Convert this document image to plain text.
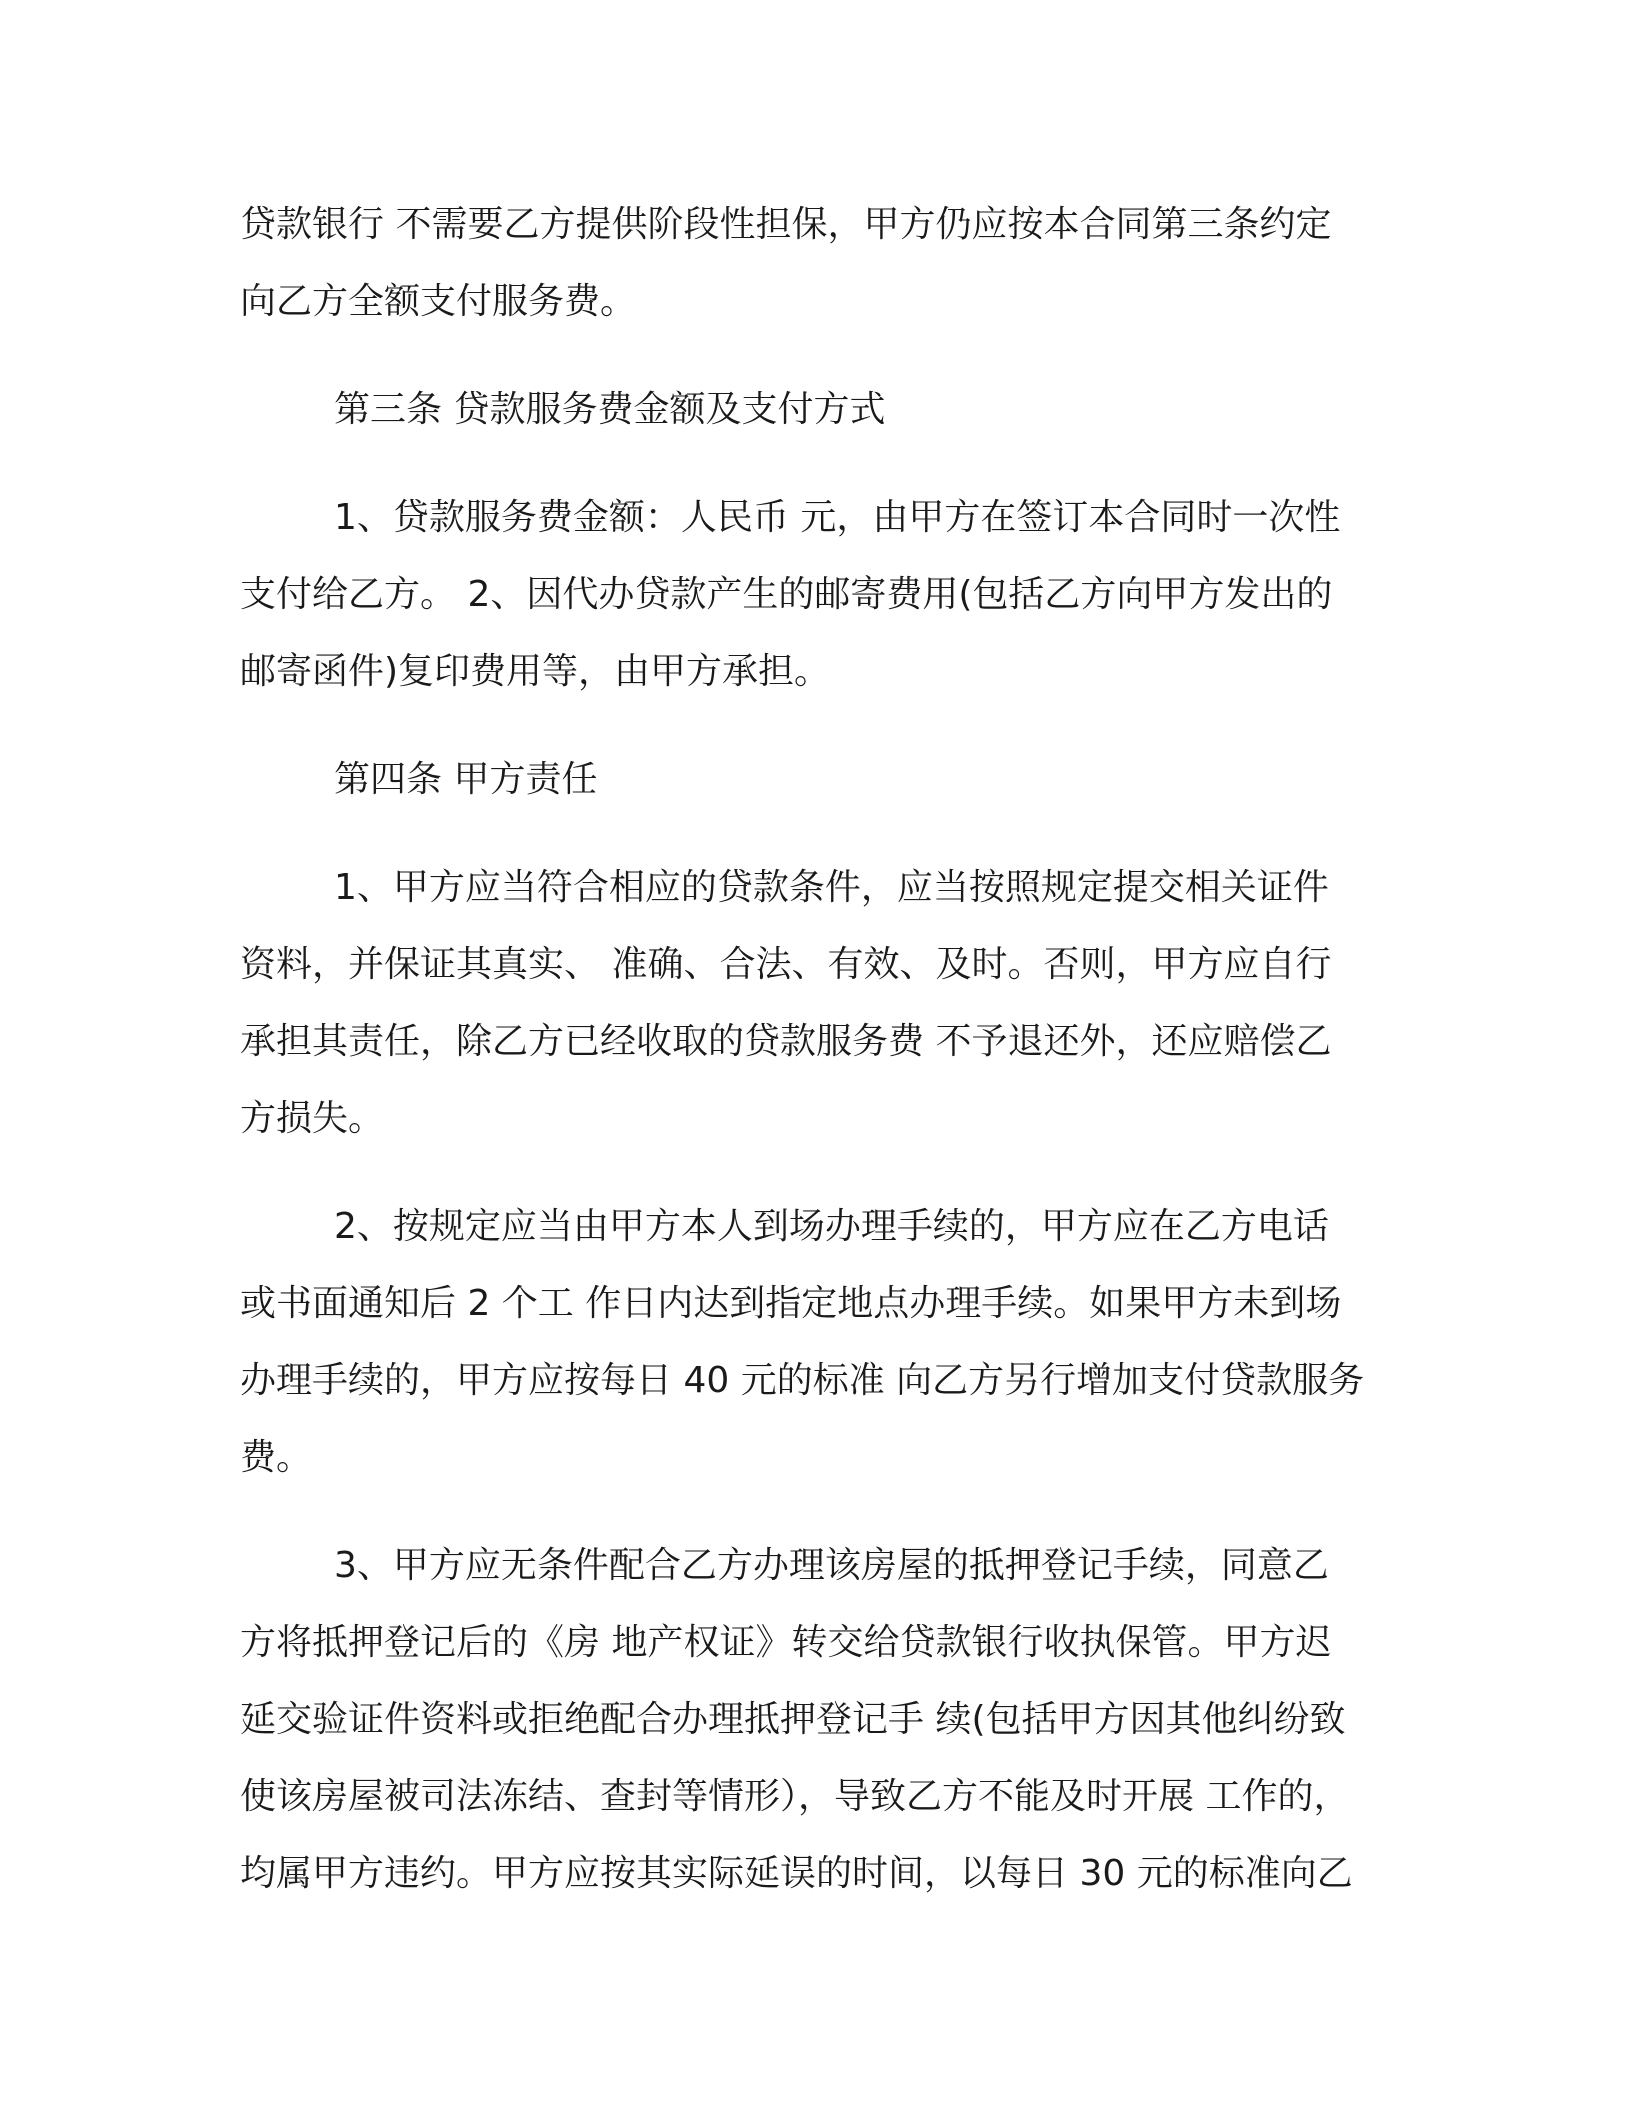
贷款银行 不需要乙方提供阶段性担保，甲方仍应按本合同第三条约定
向乙方全额支付服务费。

第三条 贷款服务费金额及支付方式

1、贷款服务费金额：人民币 元，由甲方在签订本合同时一次性
支付给乙方。 2、因代办贷款产生的邮寄费用(包括乙方向甲方发出的
邮寄函件)复印费用等，由甲方承担。

第四条 甲方责任

1、甲方应当符合相应的贷款条件，应当按照规定提交相关证件
资料，并保证其真实、 准确、合法、有效、及时。否则，甲方应自行
承担其责任，除乙方已经收取的贷款服务费 不予退还外，还应赔偿乙
方损失。

2、按规定应当由甲方本人到场办理手续的，甲方应在乙方电话
或书面通知后 2 个工 作日内达到指定地点办理手续。如果甲方未到场
办理手续的，甲方应按每日 40 元的标准 向乙方另行增加支付贷款服务
费。

3、甲方应无条件配合乙方办理该房屋的抵押登记手续，同意乙
方将抵押登记后的《房 地产权证》转交给贷款银行收执保管。甲方迟
延交验证件资料或拒绝配合办理抵押登记手 续(包括甲方因其他纠纷致
使该房屋被司法冻结、查封等情形），导致乙方不能及时开展 工作的，
均属甲方违约。甲方应按其实际延误的时间，以每日 30 元的标准向乙
